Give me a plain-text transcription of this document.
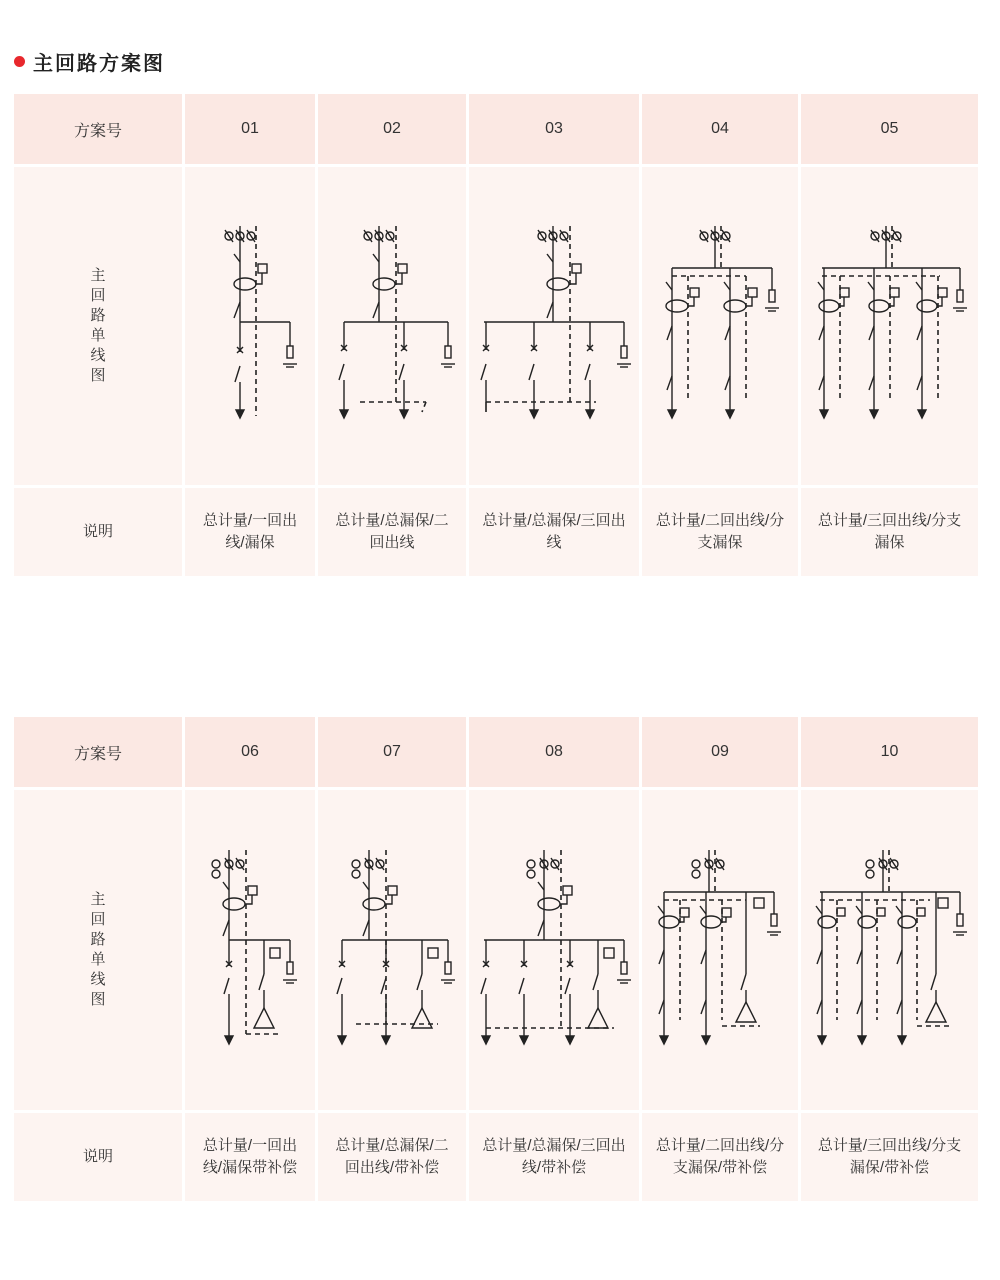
主回路方案图
方案号	01	02	03	04	05
主回路单线图	

说明	总计量/一回出线/漏保	总计量/总漏保/二回出线	总计量/总漏保/三回出线	总计量/二回出线/分支漏保	总计量/三回出线/分支漏保
方案号	06	07	08	09	10
主回路单线图	

说明	总计量/一回出线/漏保带补偿	总计量/总漏保/二回出线/带补偿	总计量/总漏保/三回出线/带补偿	总计量/二回出线/分支漏保/带补偿	总计量/三回出线/分支漏保/带补偿
